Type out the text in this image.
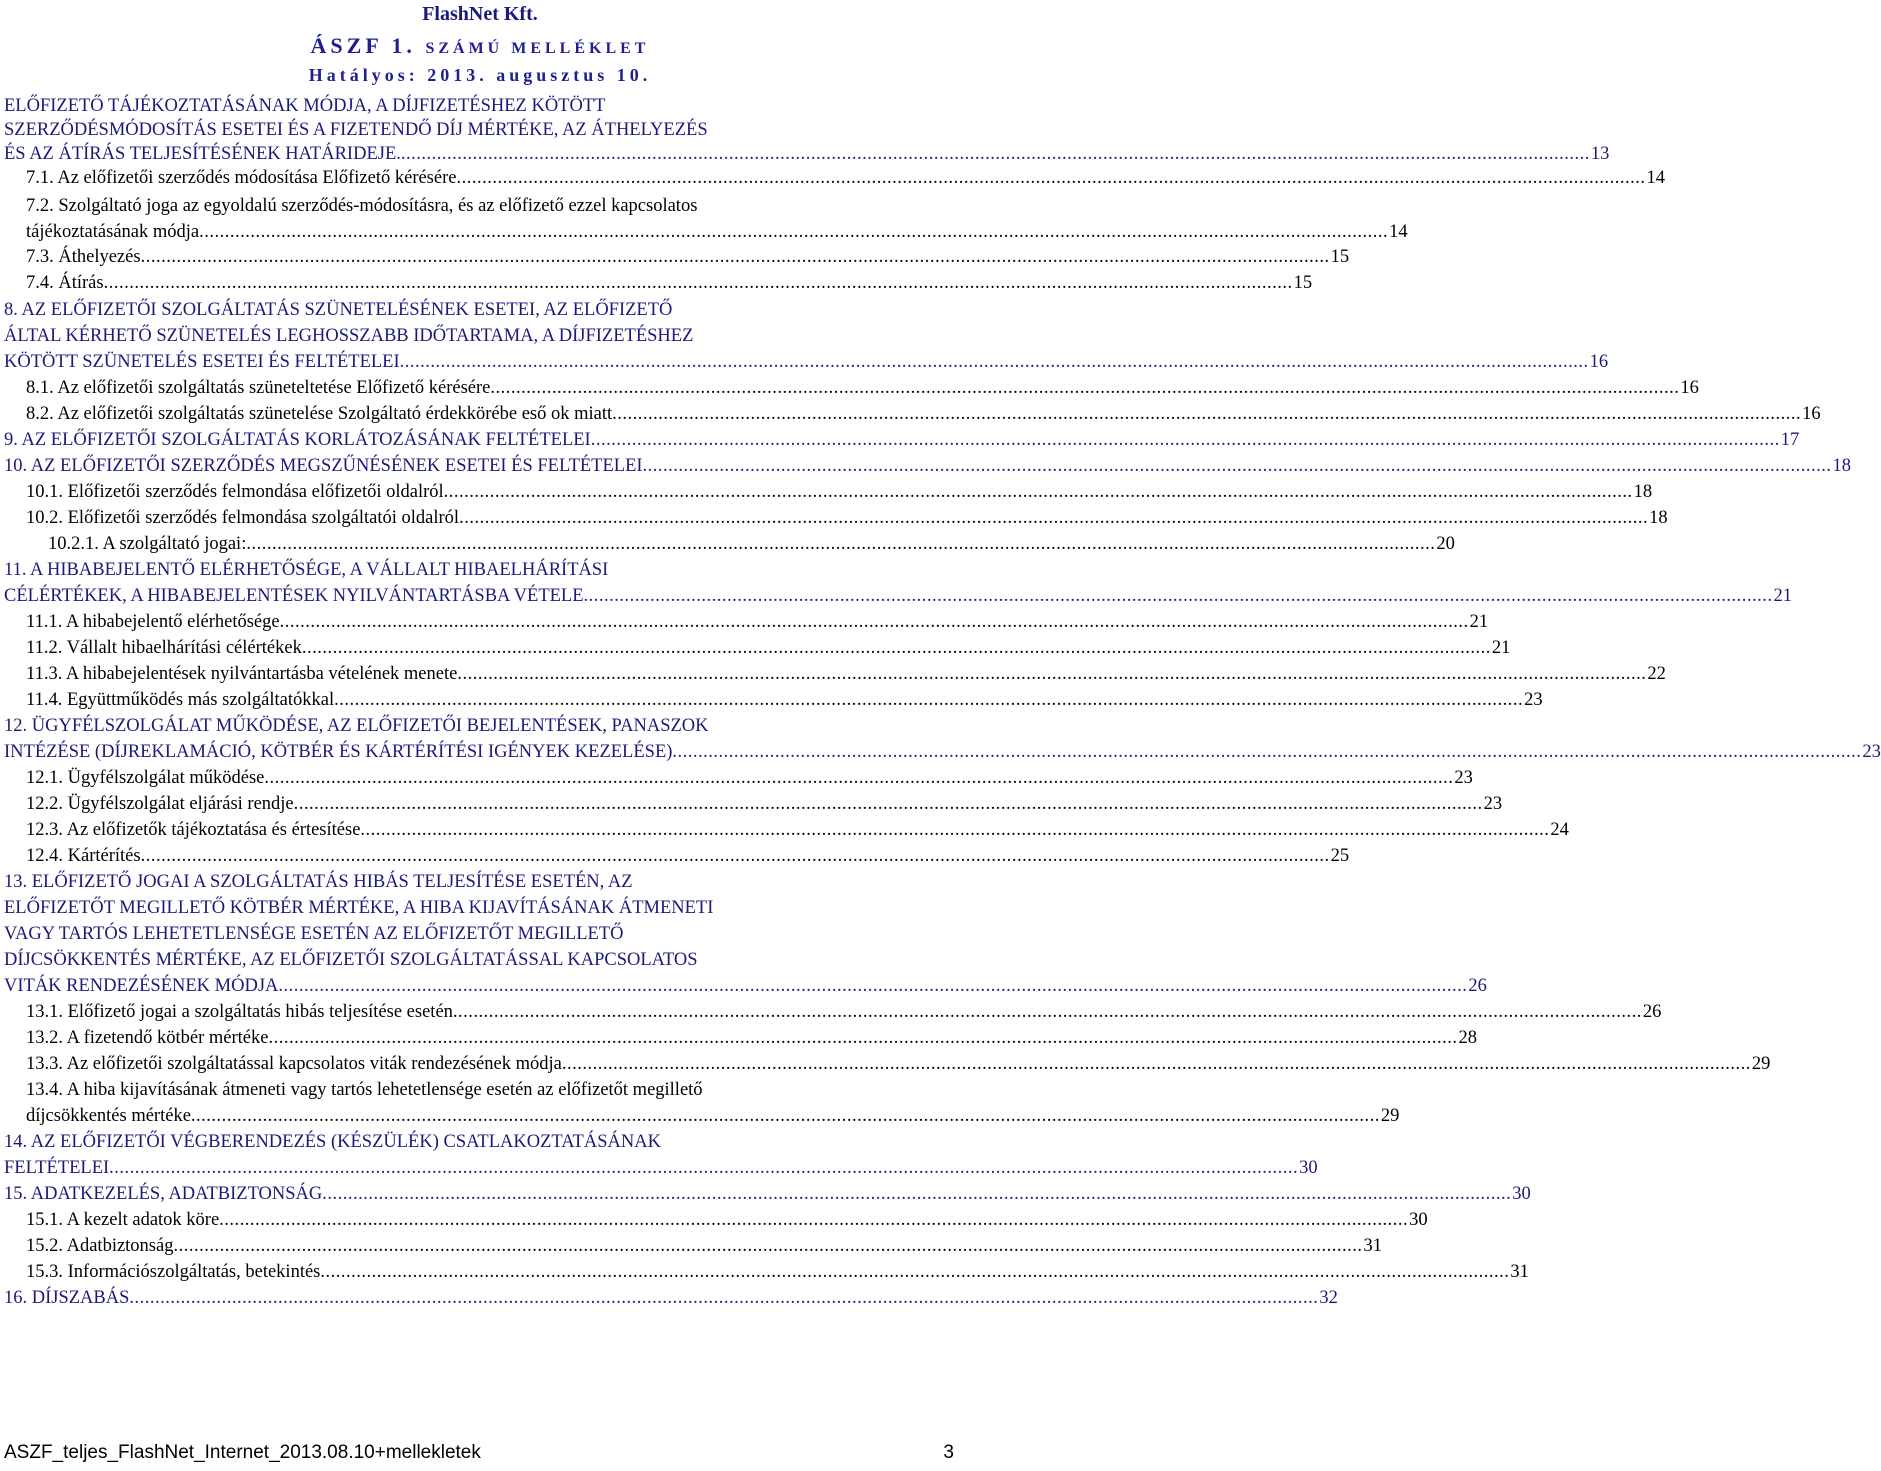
FlashNet Kft.
ÁSZF 1. SZÁMÚ MELLÉKLET
Hatályos: 2013. augusztus 10.
ELŐFIZETŐ TÁJÉKOZTATÁSÁNAK MÓDJA, A DÍJFIZETÉSHEZ KÖTÖTT
SZERZŐDÉSMÓDOSÍTÁS ESETEI ÉS A FIZETENDŐ DÍJ MÉRTÉKE, AZ ÁTHELYEZÉS
ÉS AZ ÁTÍRÁS TELJESÍTÉSÉNEK HATÁRIDEJE. .....	13
7.1. Az előfizetői szerződés módosítása Előfizető kérésére .....	14
7.2. Szolgáltató joga az egyoldalú szerződés-módosításra, és az előfizető ezzel kapcsolatos
tájékoztatásának módja .....	14
7.3. Áthelyezés .....	15
7.4. Átírás .....	15
8. AZ ELŐFIZETŐI SZOLGÁLTATÁS SZÜNETELÉSÉNEK ESETEI, AZ ELŐFIZETŐ
ÁLTAL KÉRHETŐ SZÜNETELÉS LEGHOSSZABB IDŐTARTAMA, A DÍJFIZETÉSHEZ
KÖTÖTT SZÜNETELÉS ESETEI ÉS FELTÉTELEI .....	16
8.1. Az előfizetői szolgáltatás szüneteltetése Előfizető kérésére .....	16
8.2. Az előfizetői szolgáltatás szünetelése Szolgáltató érdekkörébe eső ok miatt .....	16
9. AZ ELŐFIZETŐI SZOLGÁLTATÁS KORLÁTOZÁSÁNAK FELTÉTELEI .....	17
10. AZ ELŐFIZETŐI SZERZŐDÉS MEGSZŰNÉSÉNEK ESETEI ÉS FELTÉTELEI .....	18
10.1. Előfizetői szerződés felmondása előfizetői oldalról .....	18
10.2. Előfizetői szerződés felmondása szolgáltatói oldalról .....	18
10.2.1. A szolgáltató jogai: .....	20
11. A HIBABEJELENTŐ ELÉRHETŐSÉGE, A VÁLLALT HIBAELHÁRÍTÁSI
CÉLÉRTÉKEK, A HIBABEJELENTÉSEK NYILVÁNTARTÁSBA VÉTELE .....	21
11.1. A hibabejelentő elérhetősége .....	21
11.2. Vállalt hibaelhárítási célértékek .....	21
11.3. A hibabejelentések nyilvántartásba vételének menete .....	22
11.4. Együttműködés más szolgáltatókkal .....	23
12. ÜGYFÉLSZOLGÁLAT MŰKÖDÉSE, AZ ELŐFIZETŐI BEJELENTÉSEK, PANASZOK
INTÉZÉSE (DÍJREKLAMÁCIÓ, KÖTBÉR ÉS KÁRTÉRÍTÉSI IGÉNYEK KEZELÉSE) .....	23
12.1. Ügyfélszolgálat működése .....	23
12.2. Ügyfélszolgálat eljárási rendje .....	23
12.3. Az előfizetők tájékoztatása és értesítése .....	24
12.4. Kártérítés .....	25
13. ELŐFIZETŐ JOGAI A SZOLGÁLTATÁS HIBÁS TELJESÍTÉSE ESETÉN, AZ
ELŐFIZETŐT MEGILLETŐ KÖTBÉR MÉRTÉKE, A HIBA KIJAVÍTÁSÁNAK ÁTMENETI
VAGY TARTÓS LEHETETLENSÉGE ESETÉN AZ ELŐFIZETŐT MEGILLETŐ
DÍJCSÖKKENTÉS MÉRTÉKE, AZ ELŐFIZETŐI SZOLGÁLTATÁSSAL KAPCSOLATOS
VITÁK RENDEZÉSÉNEK MÓDJA .....	26
13.1. Előfizető jogai a szolgáltatás hibás teljesítése esetén .....	26
13.2. A fizetendő kötbér mértéke .....	28
13.3. Az előfizetői szolgáltatással kapcsolatos viták rendezésének módja .....	29
13.4. A hiba kijavításának átmeneti vagy tartós lehetetlensége esetén az előfizetőt megillető
díjcsökkentés mértéke .....	29
14. AZ ELŐFIZETŐI VÉGBERENDEZÉS (KÉSZÜLÉK) CSATLAKOZTATÁSÁNAK
FELTÉTELEI .....	30
15. ADATKEZELÉS, ADATBIZTONSÁG .....	30
15.1. A kezelt adatok köre .....	30
15.2. Adatbiztonság .....	31
15.3. Információszolgáltatás, betekintés .....	31
16. DÍJSZABÁS .....	32
ASZF_teljes_FlashNet_Internet_2013.08.10+mellekletek	3
